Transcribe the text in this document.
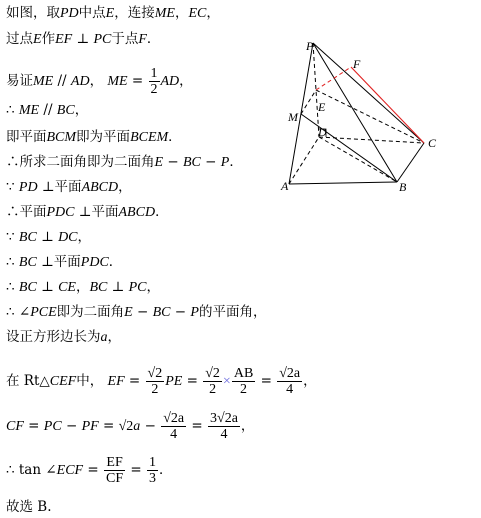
如图，取PD中点E，连接ME，EC，
过点E作EF ⊥ PC于点F．
易证ME // AD， ME = $\frac{1}{2}$ AD，
∴ ME // BC，
即平面BCM即为平面BCEM．
∴所求二面角即为二面角E − BC − P．
∵ PD ⊥平面ABCD，
∴平面PDC ⊥平面ABCD．
∵ BC ⊥ DC，
∴ BC ⊥平面PDC．
∴ BC ⊥ CE，BC ⊥ PC，
∴ ∠PCE即为二面角E − BC − P的平面角，
设正方形边长为a，
在 Rt△CEF中， EF = $\frac{√2}{2}$ PE = $\frac{√2}{2} \times \frac{AB}{2} = \frac{√2a}{4}$ ，
CF = PC − PF = $√2a - \frac{√2a}{4} = \frac{3√2a}{4}$ ，
∴ tan ∠ECF = $\frac{EF}{CF} = \frac{1}{3}$ ．
故选 B.
P
F
E
M
D
C
A	B
